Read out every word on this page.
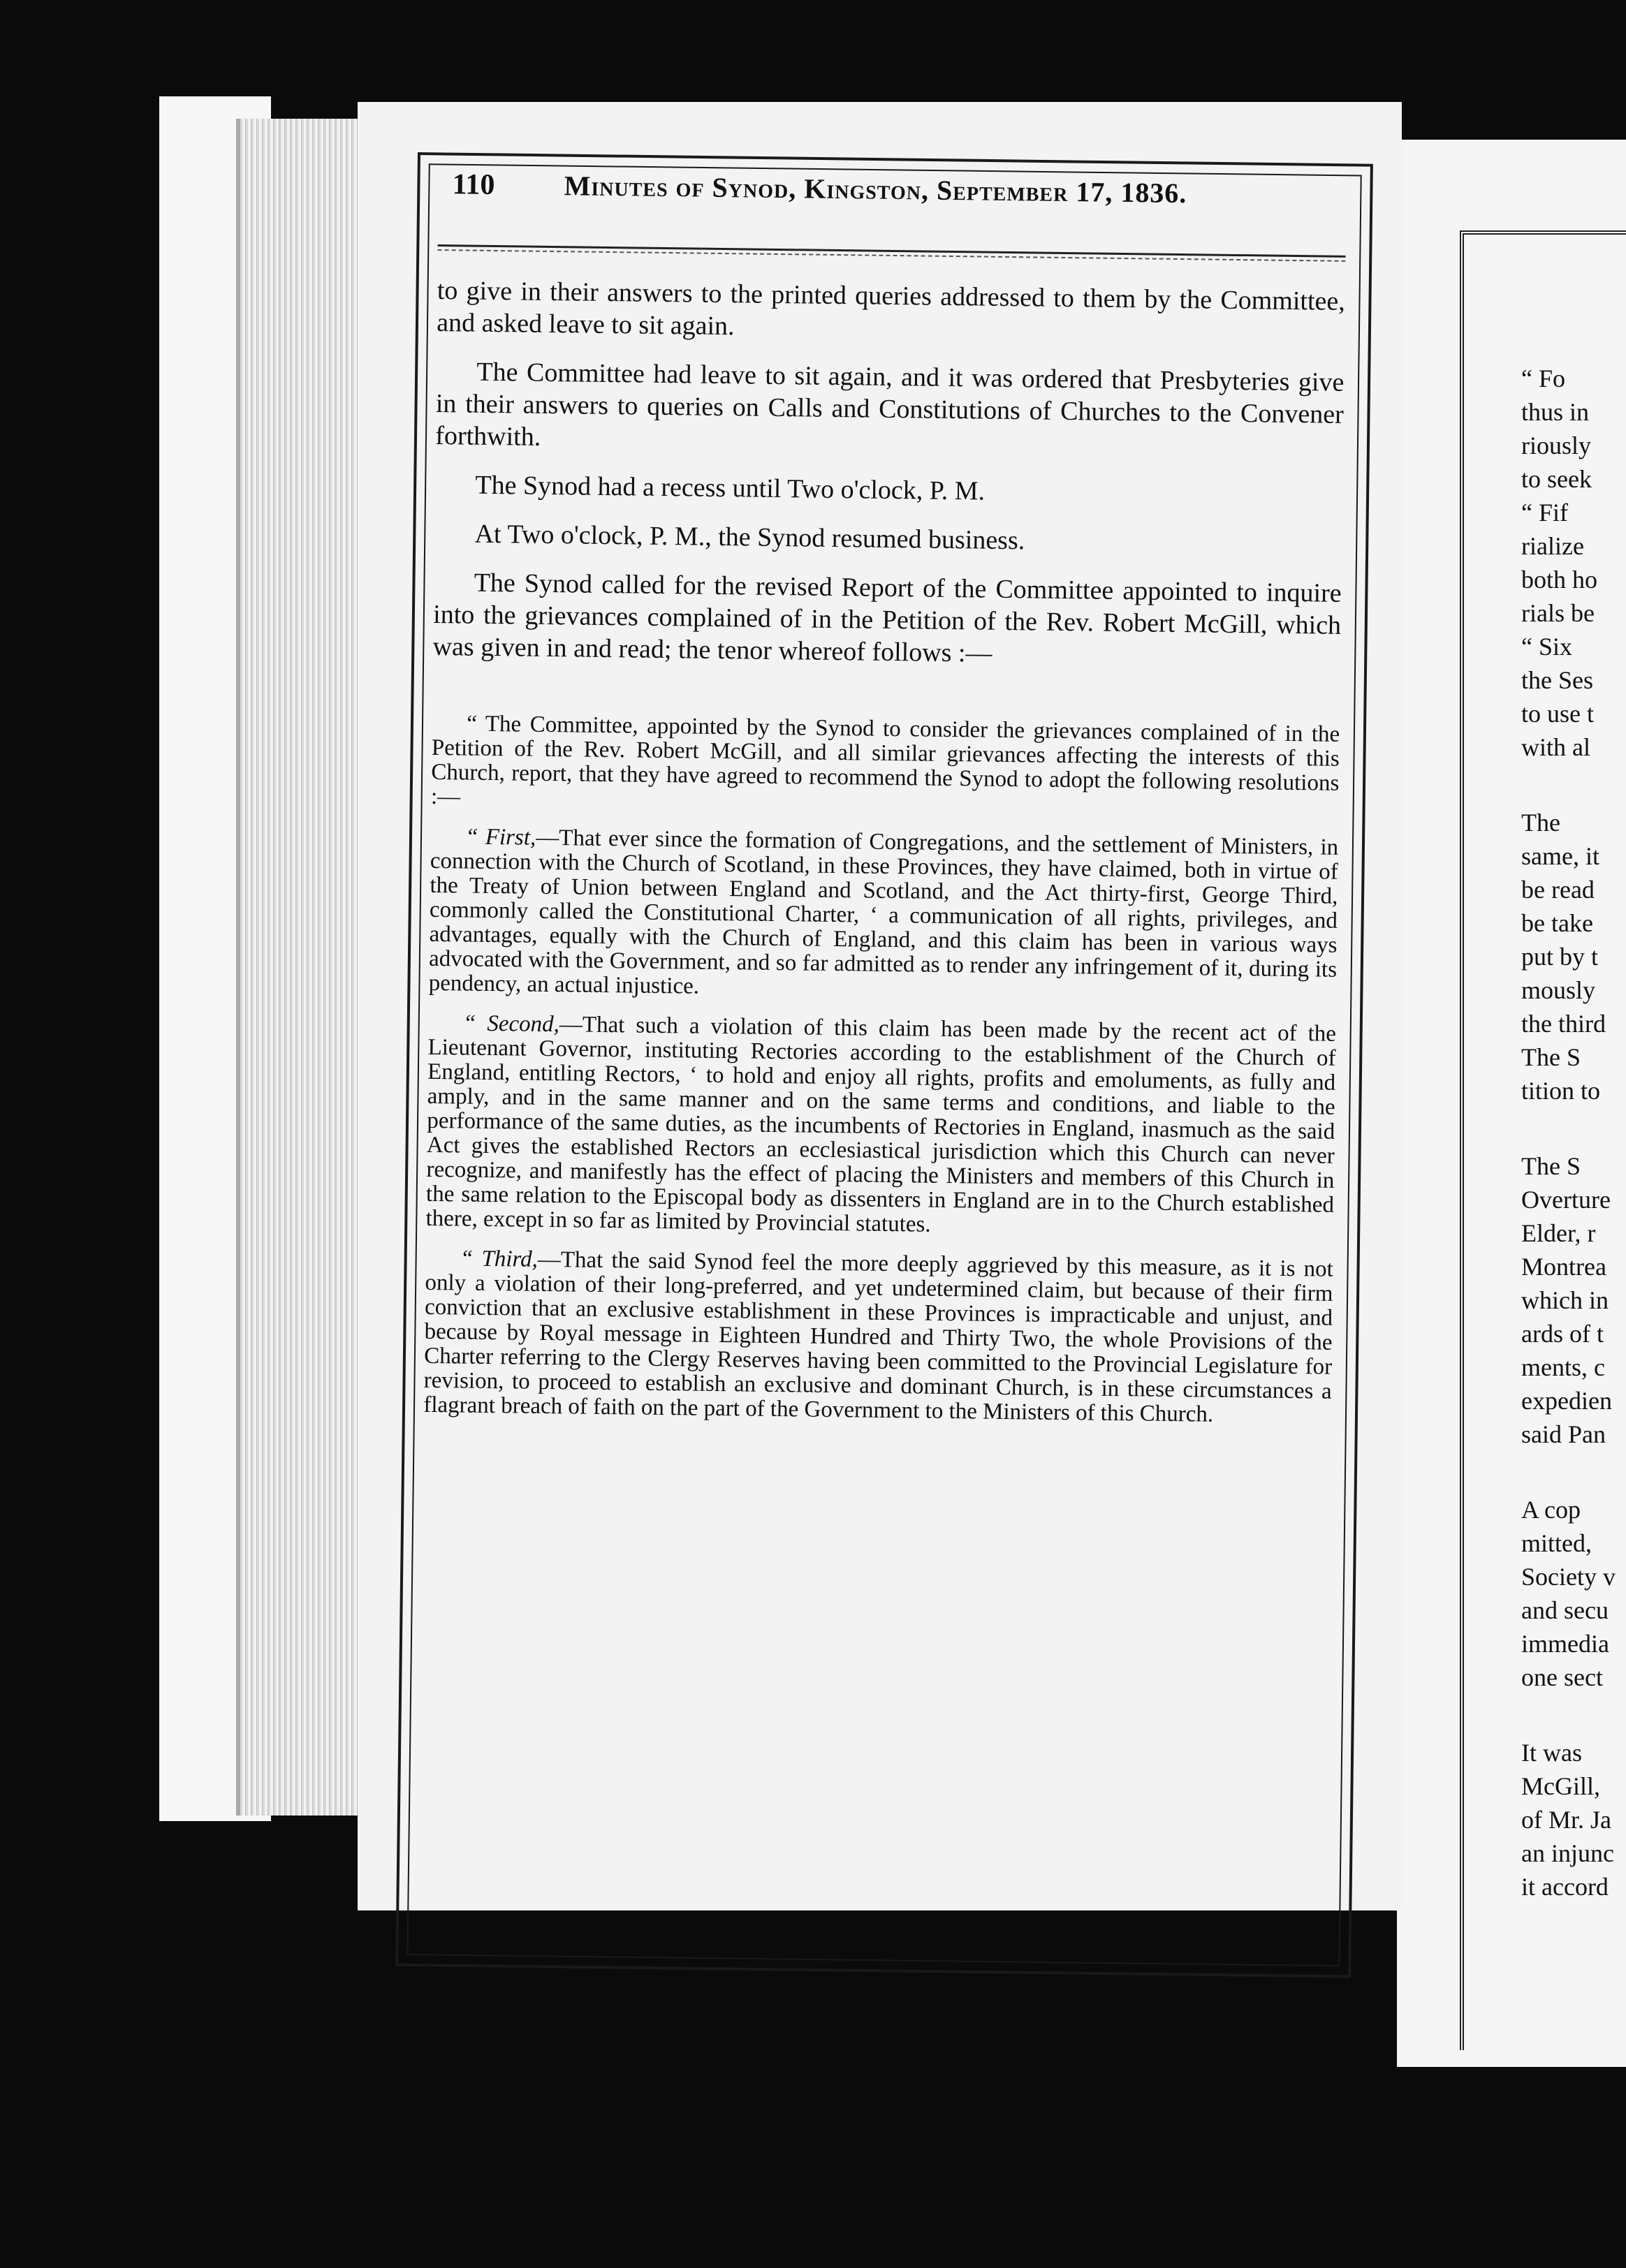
“ Fo
thus in
riously
to seek
“ Fif
rialize
both ho
rials be
“ Six
the Ses
to use t
with al
The
same, it
be read
be take
put by t
mously
the third
The S
tition to
The S
Overture
Elder, r
Montrea
which in
ards of t
ments, c
expedien
said Pan
A cop
mitted,
Society v
and secu
immedia
one sect
It was
McGill,
of Mr. Ja
an injunc
it accord
110	Minutes of Synod, Kingston, September 17, 1836.

to give in their answers to the printed queries addressed to them by the Committee, and asked leave to sit again.

The Committee had leave to sit again, and it was ordered that Presbyteries give in their answers to queries on Calls and Constitutions of Churches to the Convener forthwith.

The Synod had a recess until Two o'clock, P. M.

At Two o'clock, P. M., the Synod resumed business.

The Synod called for the revised Report of the Committee appointed to inquire into the grievances complained of in the Petition of the Rev. Robert McGill, which was given in and read; the tenor whereof follows :—

“ The Committee, appointed by the Synod to consider the grievances complained of in the Petition of the Rev. Robert McGill, and all similar grievances affecting the interests of this Church, report, that they have agreed to recommend the Synod to adopt the following resolutions :—

“ First,—That ever since the formation of Congregations, and the settlement of Ministers, in connection with the Church of Scotland, in these Provinces, they have claimed, both in virtue of the Treaty of Union between England and Scotland, and the Act thirty-first, George Third, commonly called the Constitutional Charter, ‘ a communication of all rights, privileges, and advantages, equally with the Church of England, and this claim has been in various ways advocated with the Government, and so far admitted as to render any infringement of it, during its pendency, an actual injustice.

“ Second,—That such a violation of this claim has been made by the recent act of the Lieutenant Governor, instituting Rectories according to the establishment of the Church of England, entitling Rectors, ‘ to hold and enjoy all rights, profits and emoluments, as fully and amply, and in the same manner and on the same terms and conditions, and liable to the performance of the same duties, as the incumbents of Rectories in England, inasmuch as the said Act gives the established Rectors an ecclesiastical jurisdiction which this Church can never recognize, and manifestly has the effect of placing the Ministers and members of this Church in the same relation to the Episcopal body as dissenters in England are in to the Church established there, except in so far as limited by Provincial statutes.

“ Third,—That the said Synod feel the more deeply aggrieved by this measure, as it is not only a violation of their long-preferred, and yet undetermined claim, but because of their firm conviction that an exclusive establishment in these Provinces is impracticable and unjust, and because by Royal message in Eighteen Hundred and Thirty Two, the whole Provisions of the Charter referring to the Clergy Reserves having been committed to the Provincial Legislature for revision, to proceed to establish an exclusive and dominant Church, is in these circumstances a flagrant breach of faith on the part of the Government to the Ministers of this Church.
